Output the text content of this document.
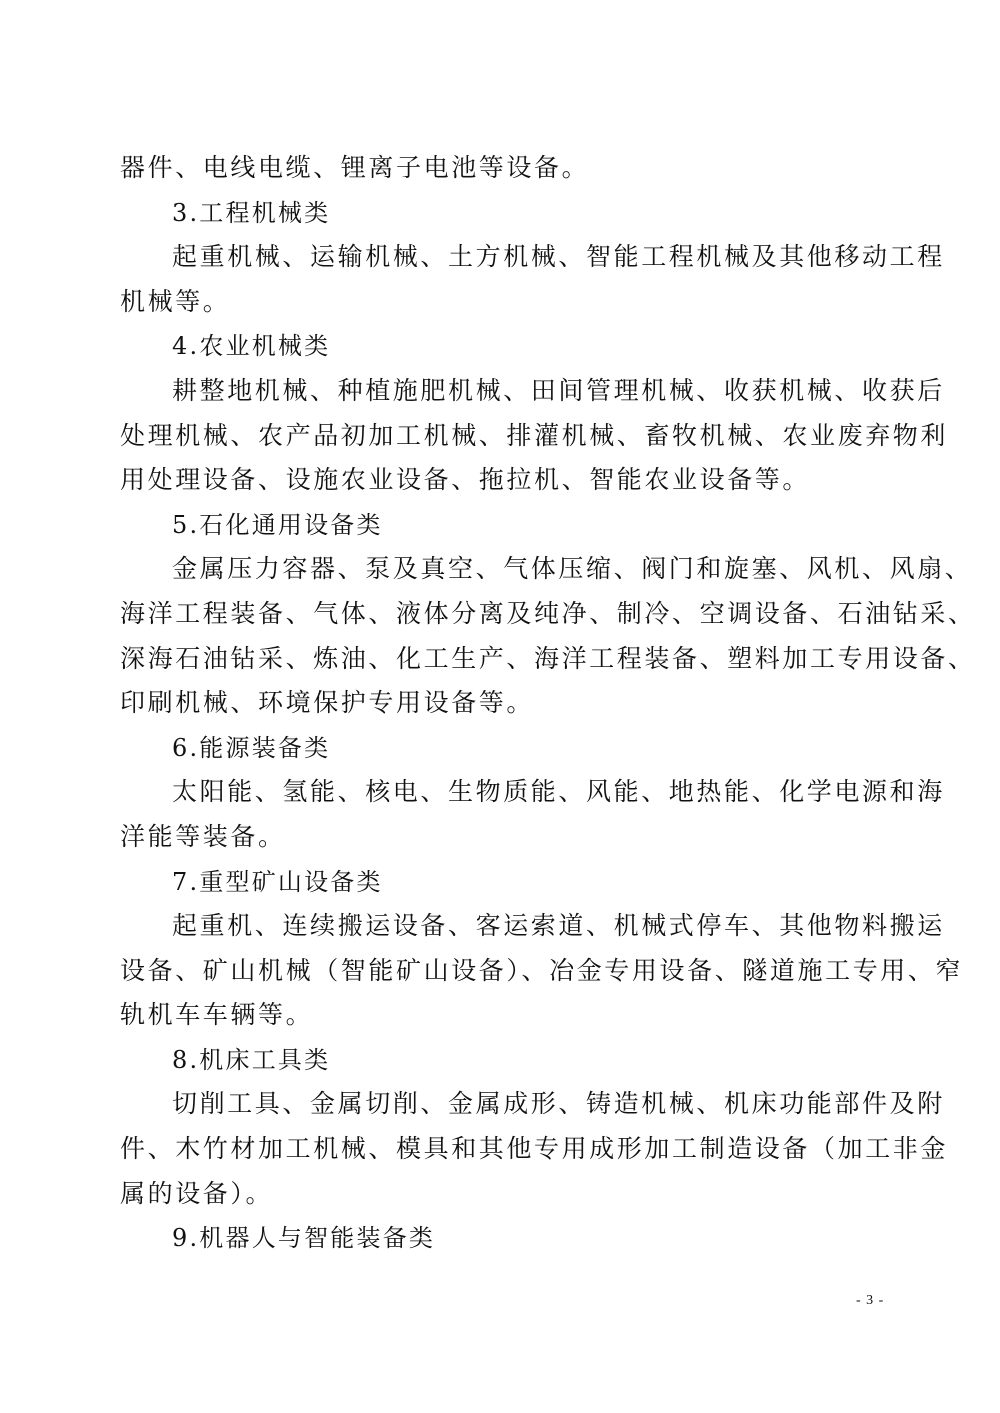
器件、电线电缆、锂离子电池等设备。
3.工程机械类
起重机械、运输机械、土方机械、智能工程机械及其他移动工程
机械等。
4.农业机械类
耕整地机械、种植施肥机械、田间管理机械、收获机械、收获后
处理机械、农产品初加工机械、排灌机械、畜牧机械、农业废弃物利
用处理设备、设施农业设备、拖拉机、智能农业设备等。
5.石化通用设备类
金属压力容器、泵及真空、气体压缩、阀门和旋塞、风机、风扇、
海洋工程装备、气体、液体分离及纯净、制冷、空调设备、石油钻采、
深海石油钻采、炼油、化工生产、海洋工程装备、塑料加工专用设备、
印刷机械、环境保护专用设备等。
6.能源装备类
太阳能、氢能、核电、生物质能、风能、地热能、化学电源和海
洋能等装备。
7.重型矿山设备类
起重机、连续搬运设备、客运索道、机械式停车、其他物料搬运
设备、矿山机械（智能矿山设备）、冶金专用设备、隧道施工专用、窄
轨机车车辆等。
8.机床工具类
切削工具、金属切削、金属成形、铸造机械、机床功能部件及附
件、木竹材加工机械、模具和其他专用成形加工制造设备（加工非金
属的设备）。
9.机器人与智能装备类
- 3 -
